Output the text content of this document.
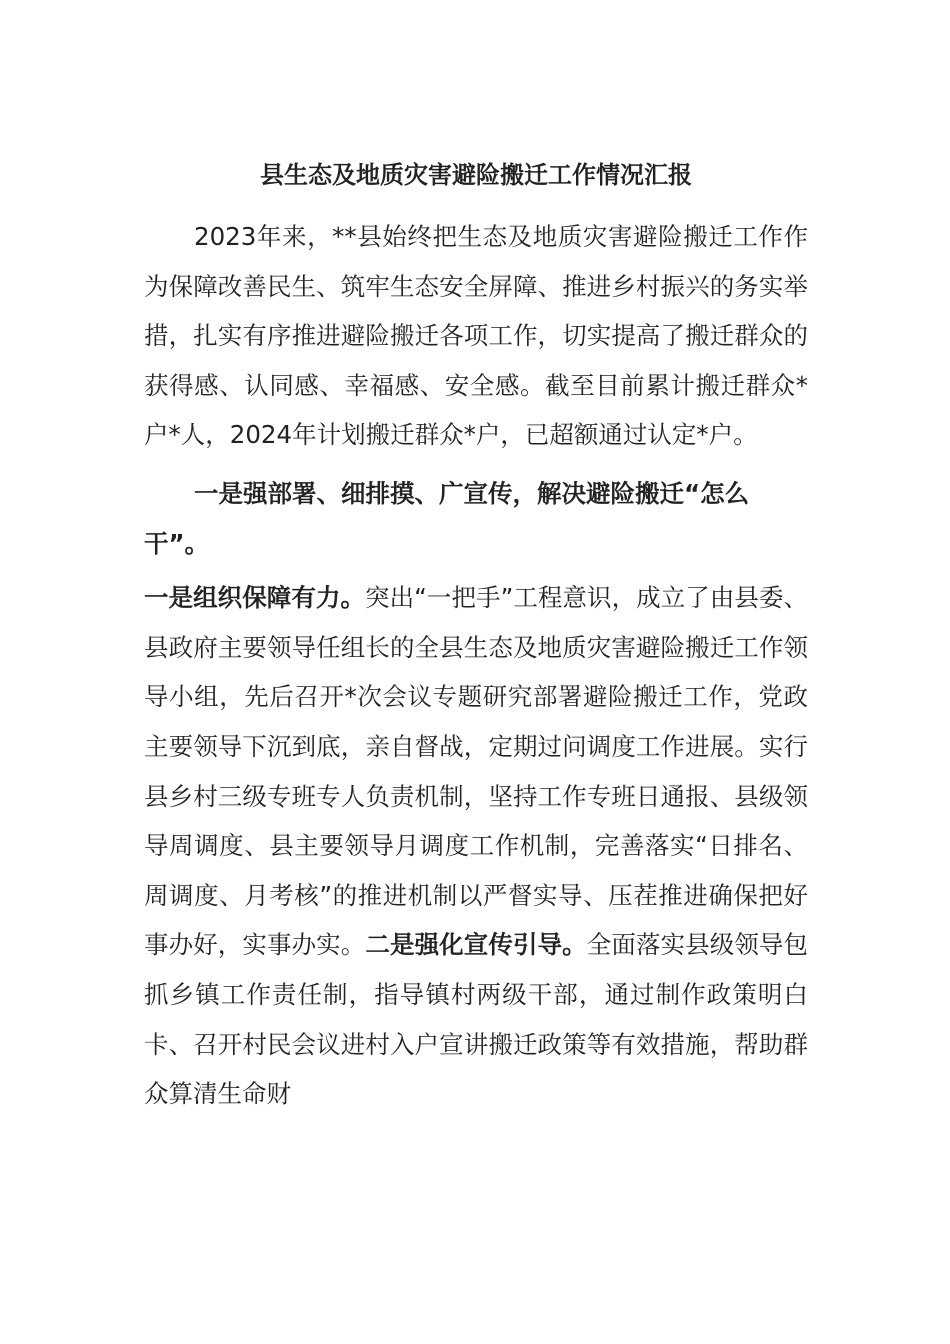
县生态及地质灾害避险搬迁工作情况汇报

2023年来，**县始终把生态及地质灾害避险搬迁工作作为保障改善民生、筑牢生态安全屏障、推进乡村振兴的务实举措，扎实有序推进避险搬迁各项工作，切实提高了搬迁群众的获得感、认同感、幸福感、安全感。截至目前累计搬迁群众*户*人，2024年计划搬迁群众*户，已超额通过认定*户。

一是强部署、细排摸、广宣传，解决避险搬迁“怎么干”。

一是组织保障有力。突出“一把手”工程意识，成立了由县委、县政府主要领导任组长的全县生态及地质灾害避险搬迁工作领导小组，先后召开*次会议专题研究部署避险搬迁工作，党政主要领导下沉到底，亲自督战，定期过问调度工作进展。实行县乡村三级专班专人负责机制，坚持工作专班日通报、县级领导周调度、县主要领导月调度工作机制，完善落实“日排名、周调度、月考核”的推进机制以严督实导、压茬推进确保把好事办好，实事办实。二是强化宣传引导。全面落实县级领导包抓乡镇工作责任制，指导镇村两级干部，通过制作政策明白卡、召开村民会议进村入户宣讲搬迁政策等有效措施，帮助群众算清生命财
